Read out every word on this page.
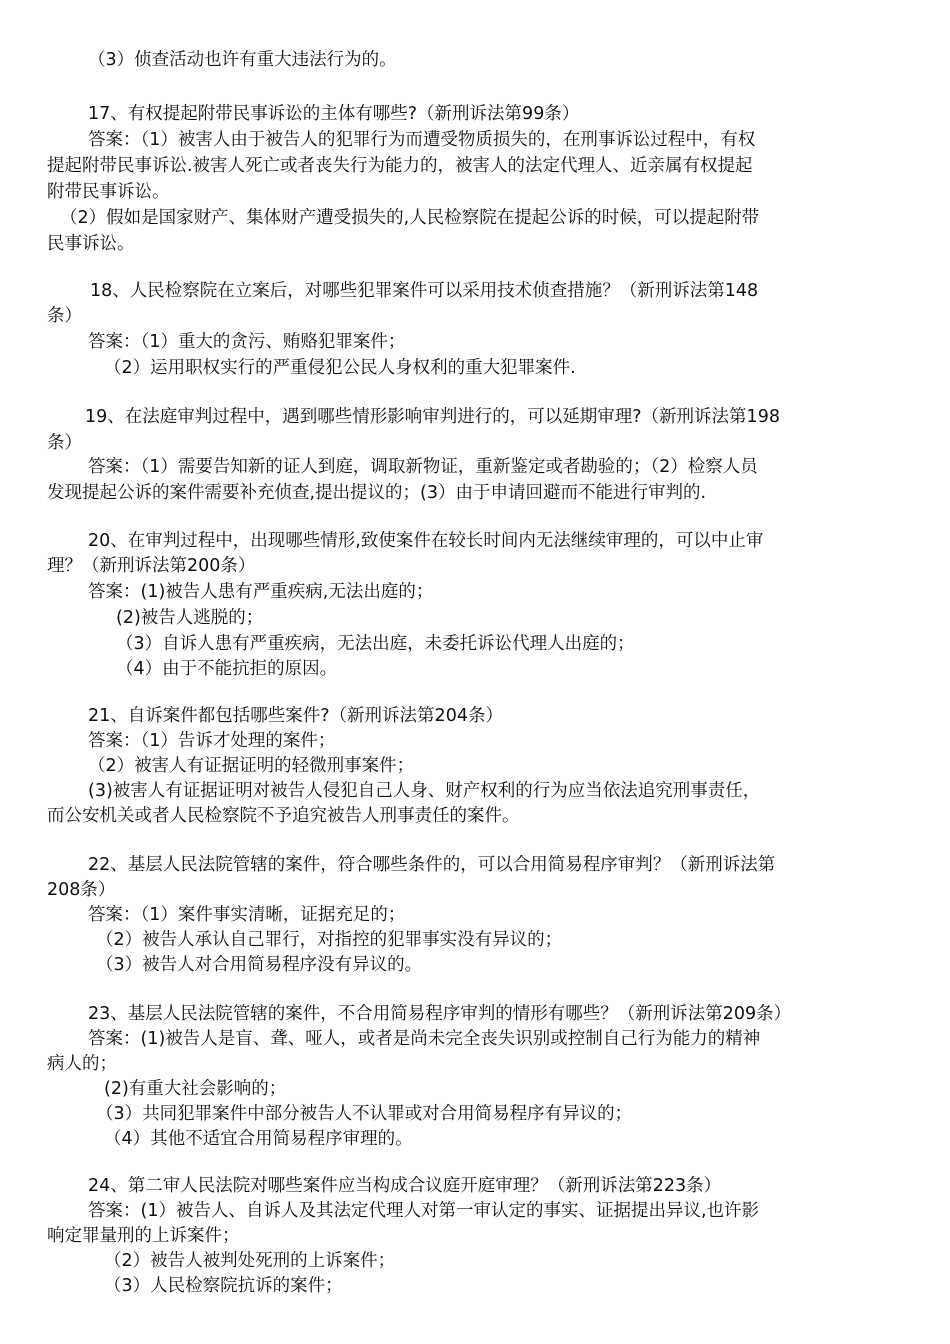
（3）侦查活动也许有重大违法行为的。
17、有权提起附带民事诉讼的主体有哪些?（新刑诉法第99条）
答案：（1）被害人由于被告人的犯罪行为而遭受物质损失的，在刑事诉讼过程中，有权
提起附带民事诉讼.被害人死亡或者丧失行为能力的，被害人的法定代理人、近亲属有权提起
附带民事诉讼。
（2）假如是国家财产、集体财产遭受损失的,人民检察院在提起公诉的时候，可以提起附带
民事诉讼。
18、人民检察院在立案后，对哪些犯罪案件可以采用技术侦查措施？（新刑诉法第148
条）
答案：（1）重大的贪污、贿赂犯罪案件；
（2）运用职权实行的严重侵犯公民人身权利的重大犯罪案件.
19、在法庭审判过程中，遇到哪些情形影响审判进行的，可以延期审理?（新刑诉法第198
条）
答案：（1）需要告知新的证人到庭，调取新物证，重新鉴定或者勘验的；（2）检察人员
发现提起公诉的案件需要补充侦查,提出提议的；(3）由于申请回避而不能进行审判的.
20、在审判过程中，出现哪些情形,致使案件在较长时间内无法继续审理的，可以中止审
理？（新刑诉法第200条）
答案：(1)被告人患有严重疾病,无法出庭的；
(2)被告人逃脱的；
（3）自诉人患有严重疾病，无法出庭，未委托诉讼代理人出庭的；
（4）由于不能抗拒的原因。
21、自诉案件都包括哪些案件?（新刑诉法第204条）
答案：（1）告诉才处理的案件；
（2）被害人有证据证明的轻微刑事案件；
(3)被害人有证据证明对被告人侵犯自己人身、财产权利的行为应当依法追究刑事责任，
而公安机关或者人民检察院不予追究被告人刑事责任的案件。
22、基层人民法院管辖的案件，符合哪些条件的，可以合用简易程序审判？（新刑诉法第
208条）
答案：（1）案件事实清晰，证据充足的；
（2）被告人承认自己罪行，对指控的犯罪事实没有异议的；
（3）被告人对合用简易程序没有异议的。
23、基层人民法院管辖的案件，不合用简易程序审判的情形有哪些？（新刑诉法第209条）
答案：(1)被告人是盲、聋、哑人，或者是尚未完全丧失识别或控制自己行为能力的精神
病人的；
(2)有重大社会影响的；
（3）共同犯罪案件中部分被告人不认罪或对合用简易程序有异议的；
（4）其他不适宜合用简易程序审理的。
24、第二审人民法院对哪些案件应当构成合议庭开庭审理？（新刑诉法第223条）
答案：(1）被告人、自诉人及其法定代理人对第一审认定的事实、证据提出异议,也许影
响定罪量刑的上诉案件；
（2）被告人被判处死刑的上诉案件；
（3）人民检察院抗诉的案件；
